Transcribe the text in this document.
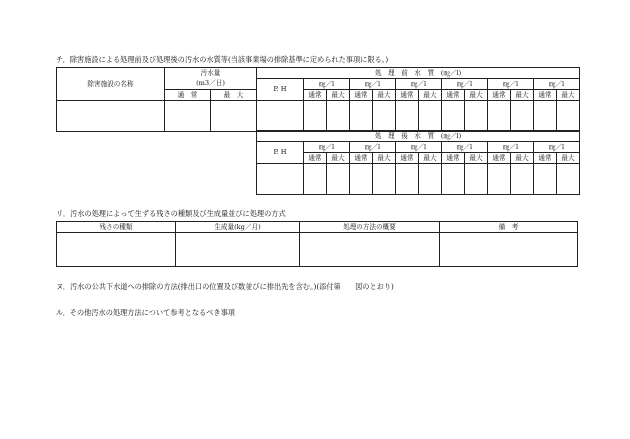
チ．除害施設による処理前及び処理後の汚水の水質等(当該事業場の排除基準に定められた事項に限る。)
除害施設の名称	汚水量		処　理　前　水　質　(㎎／l)												
	(m3／日)		P. H	㎎／l		㎎／l		㎎／l		㎎／l		㎎／l		㎎／l	
	通　常	最　大		通常	最大	通常	最大	通常	最大	通常	最大	通常	最大	通常	最大

処　理　後　水　質　(㎎／l)												
P. H	㎎／l		㎎／l		㎎／l		㎎／l		㎎／l		㎎／l	
	通常	最大	通常	最大	通常	最大	通常	最大	通常	最大	通常	最大

リ．汚水の処理によって生ずる残さの種類及び生成量並びに処理の方式
残さの種類	生成量(kg／月)	処理の方法の概要	備　考

ヌ．汚水の公共下水道への排除の方法(排出口の位置及び数並びに排出先を含む。)(添付第　　図のとおり)
ル．その他汚水の処理方法について参考となるべき事項
